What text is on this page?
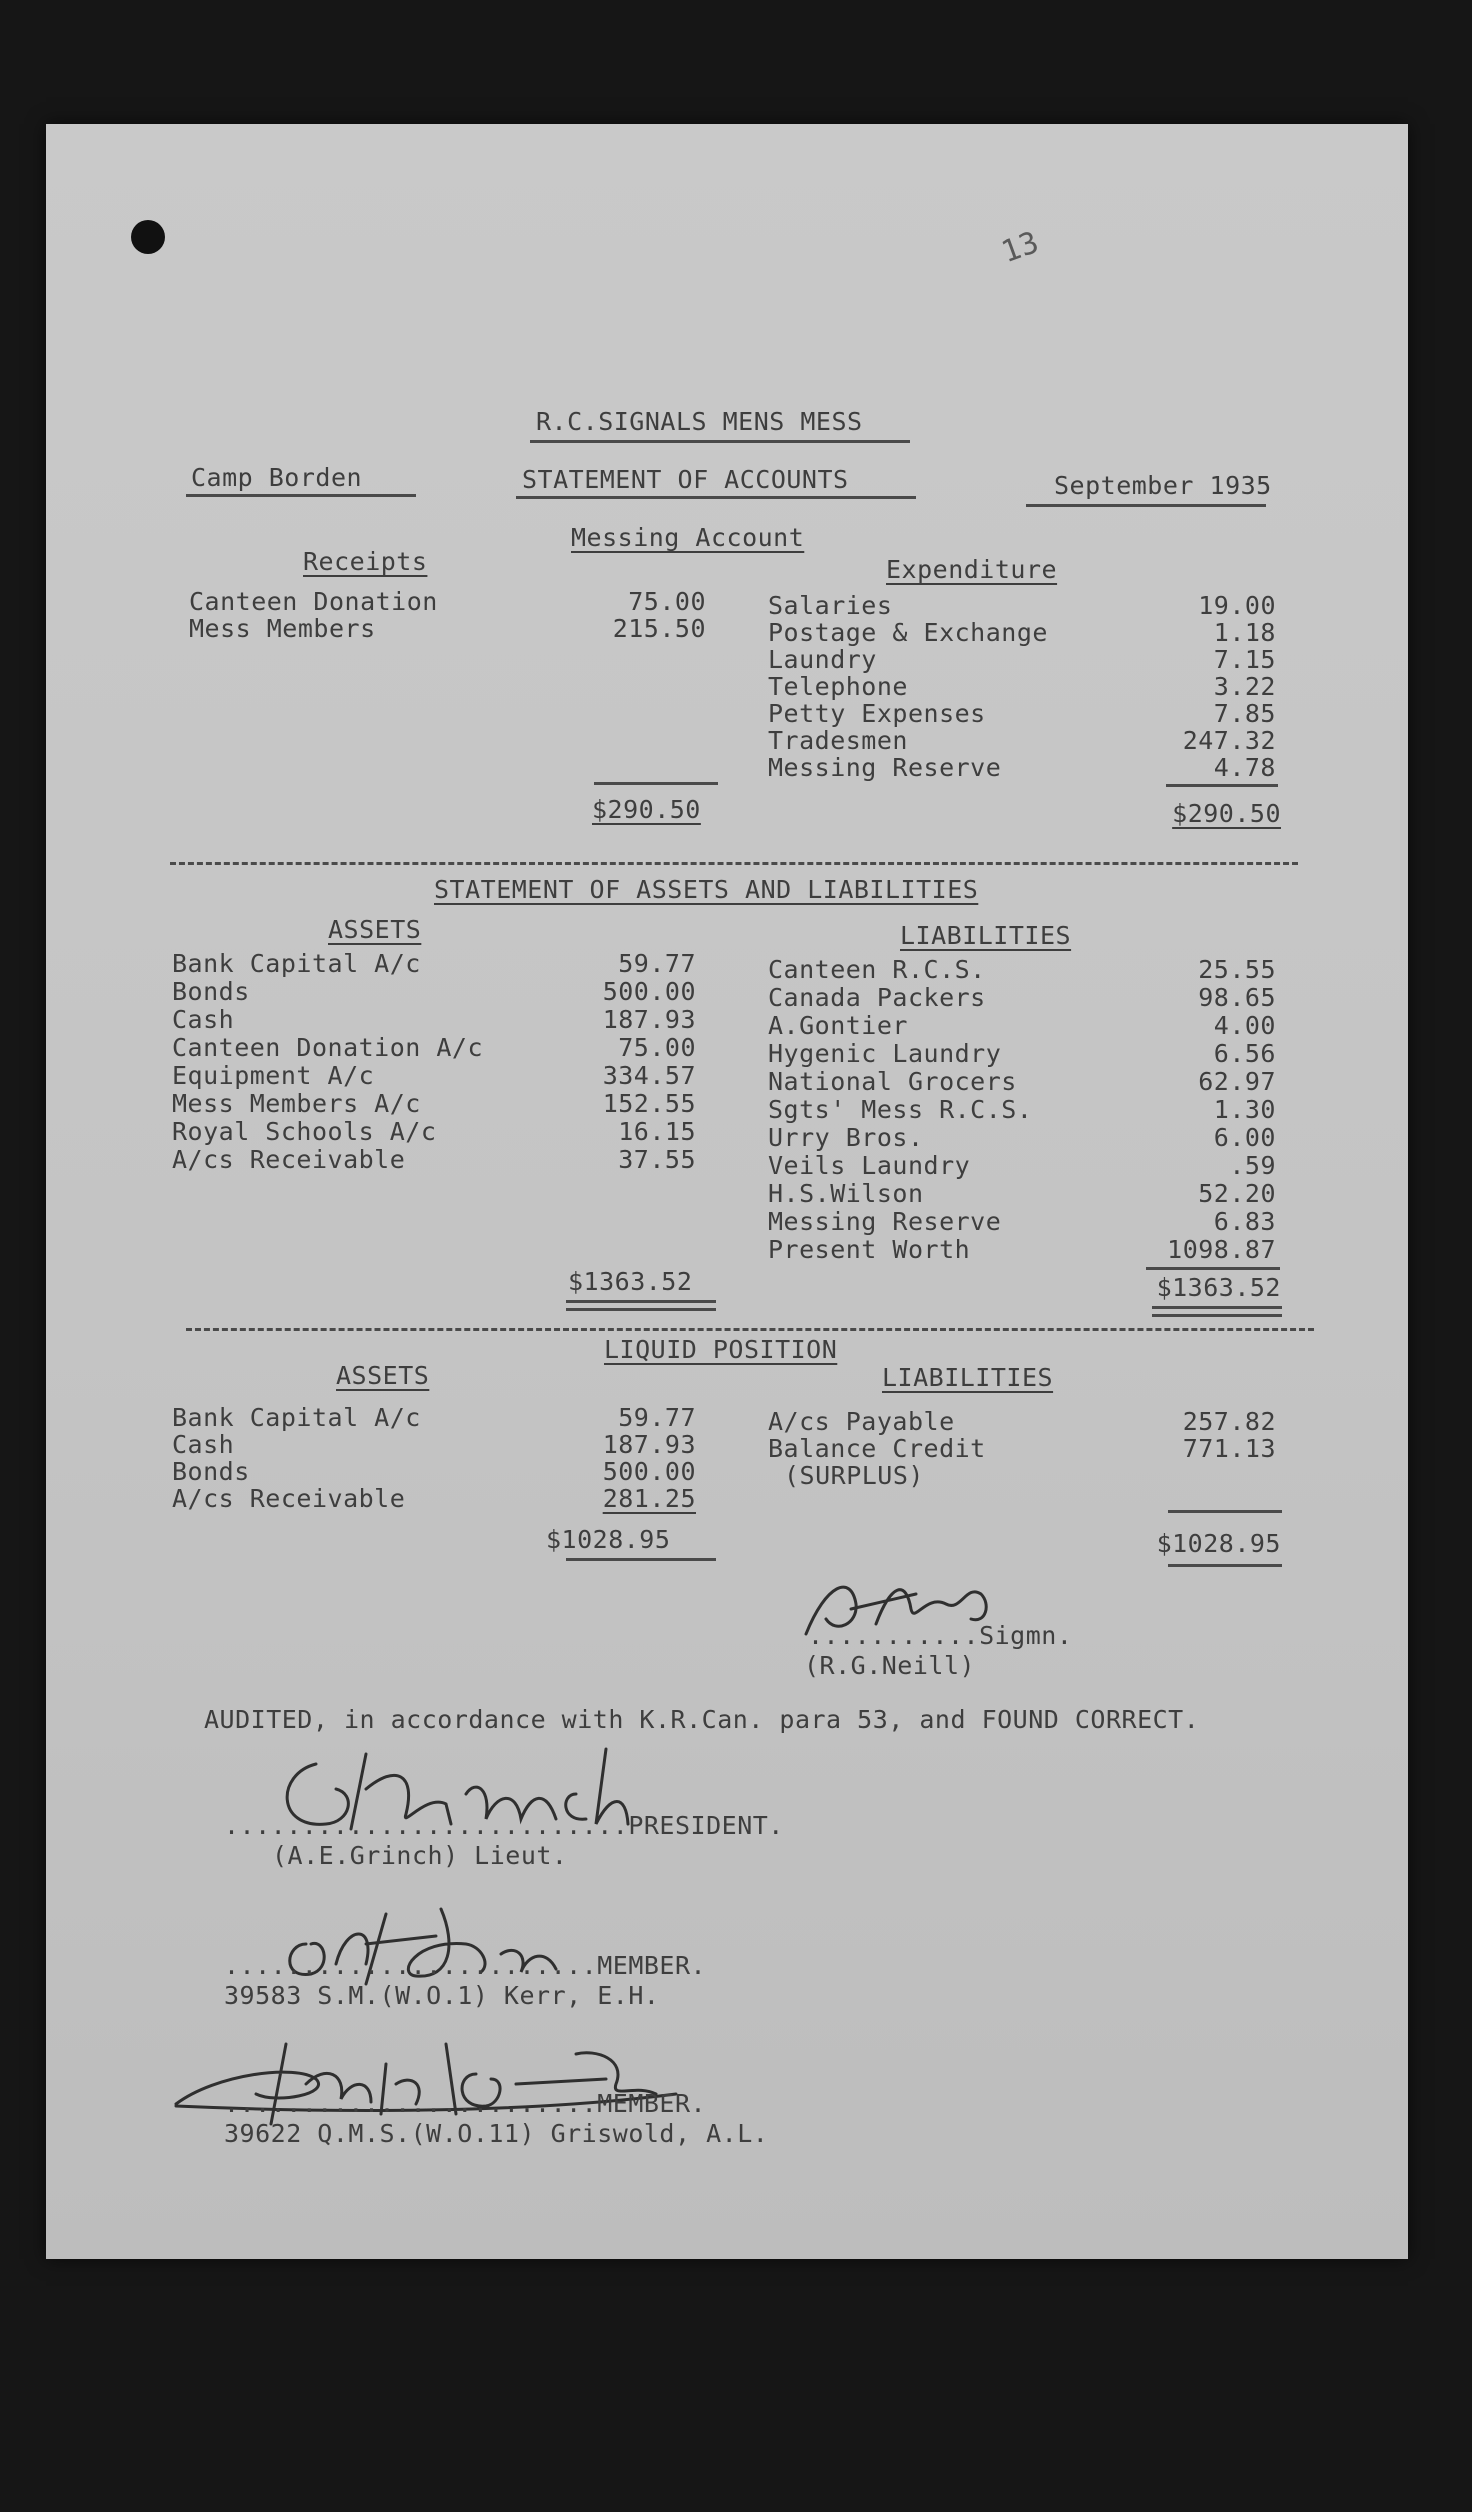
13
R.C.SIGNALS MENS MESS
Camp Borden	STATEMENT OF ACCOUNTS	September 1935
Messing Account
Receipts	Expenditure
Canteen Donation	75.00
Mess Members	215.50
Salaries	19.00
Postage & Exchange	1.18
Laundry	7.15
Telephone	3.22
Petty Expenses	7.85
Tradesmen	247.32
Messing Reserve	4.78
$290.50	$290.50
STATEMENT OF ASSETS AND LIABILITIES
ASSETS	LIABILITIES
Bank Capital A/c	59.77
Bonds	500.00
Cash	187.93
Canteen Donation A/c	75.00
Equipment A/c	334.57
Mess Members A/c	152.55
Royal Schools A/c	16.15
A/cs Receivable	37.55
Canteen R.C.S.	25.55
Canada Packers	98.65
A.Gontier	4.00
Hygenic Laundry	6.56
National Grocers	62.97
Sgts' Mess R.C.S.	1.30
Urry Bros.	6.00
Veils Laundry	.59
H.S.Wilson	52.20
Messing Reserve	6.83
Present Worth	1098.87
$1363.52	$1363.52
LIQUID POSITION
ASSETS	LIABILITIES
Bank Capital A/c	59.77
Cash	187.93
Bonds	500.00
A/cs Receivable	281.25
A/cs Payable	257.82
Balance Credit	771.13
(SURPLUS)
$1028.95	$1028.95
...........Sigmn.
(R.G.Neill)
AUDITED, in accordance with K.R.Can. para 53, and FOUND CORRECT.
..........................PRESIDENT.
(A.E.Grinch) Lieut.
........................MEMBER.
39583 S.M.(W.O.1) Kerr, E.H.
........................MEMBER.
39622 Q.M.S.(W.O.11) Griswold, A.L.
